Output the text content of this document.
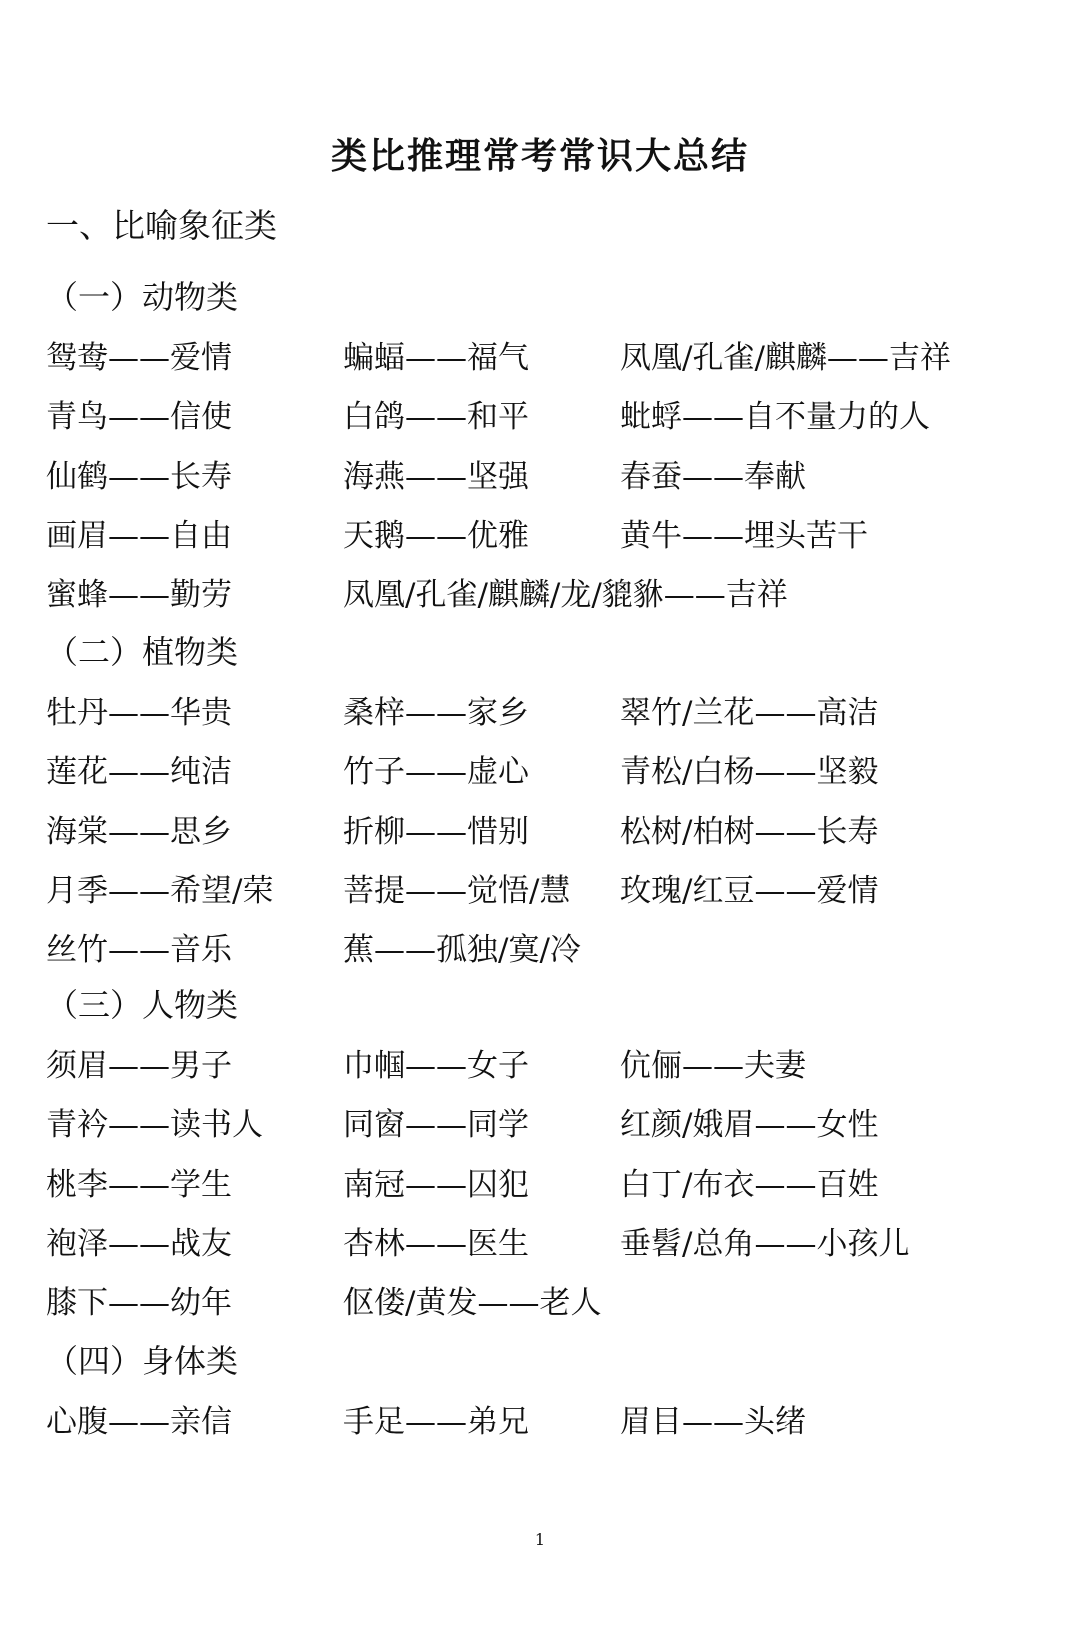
类比推理常考常识大总结
一、比喻象征类
（一）动物类
鸳鸯——爱情	蝙蝠——福气	凤凰/孔雀/麒麟——吉祥
青鸟——信使	白鸽——和平	蚍蜉——自不量力的人
仙鹤——长寿	海燕——坚强	春蚕——奉献
画眉——自由	天鹅——优雅	黄牛——埋头苦干
蜜蜂——勤劳	凤凰/孔雀/麒麟/龙/貔貅——吉祥
（二）植物类
牡丹——华贵	桑梓——家乡	翠竹/兰花——高洁
莲花——纯洁	竹子——虚心	青松/白杨——坚毅
海棠——思乡	折柳——惜别	松树/柏树——长寿
月季——希望/荣 菩提——觉悟/慧 玫瑰/红豆——爱情
丝竹——音乐	蕉——孤独/寞/冷
（三）人物类
须眉——男子	巾帼——女子	伉俪——夫妻
青衿——读书人	同窗——同学	红颜/娥眉——女性
桃李——学生	南冠——囚犯	白丁/布衣——百姓
袍泽——战友	杏林——医生	垂髫/总角——小孩儿
膝下——幼年	伛偻/黄发——老人
（四）身体类
心腹——亲信	手足——弟兄	眉目——头绪
1
